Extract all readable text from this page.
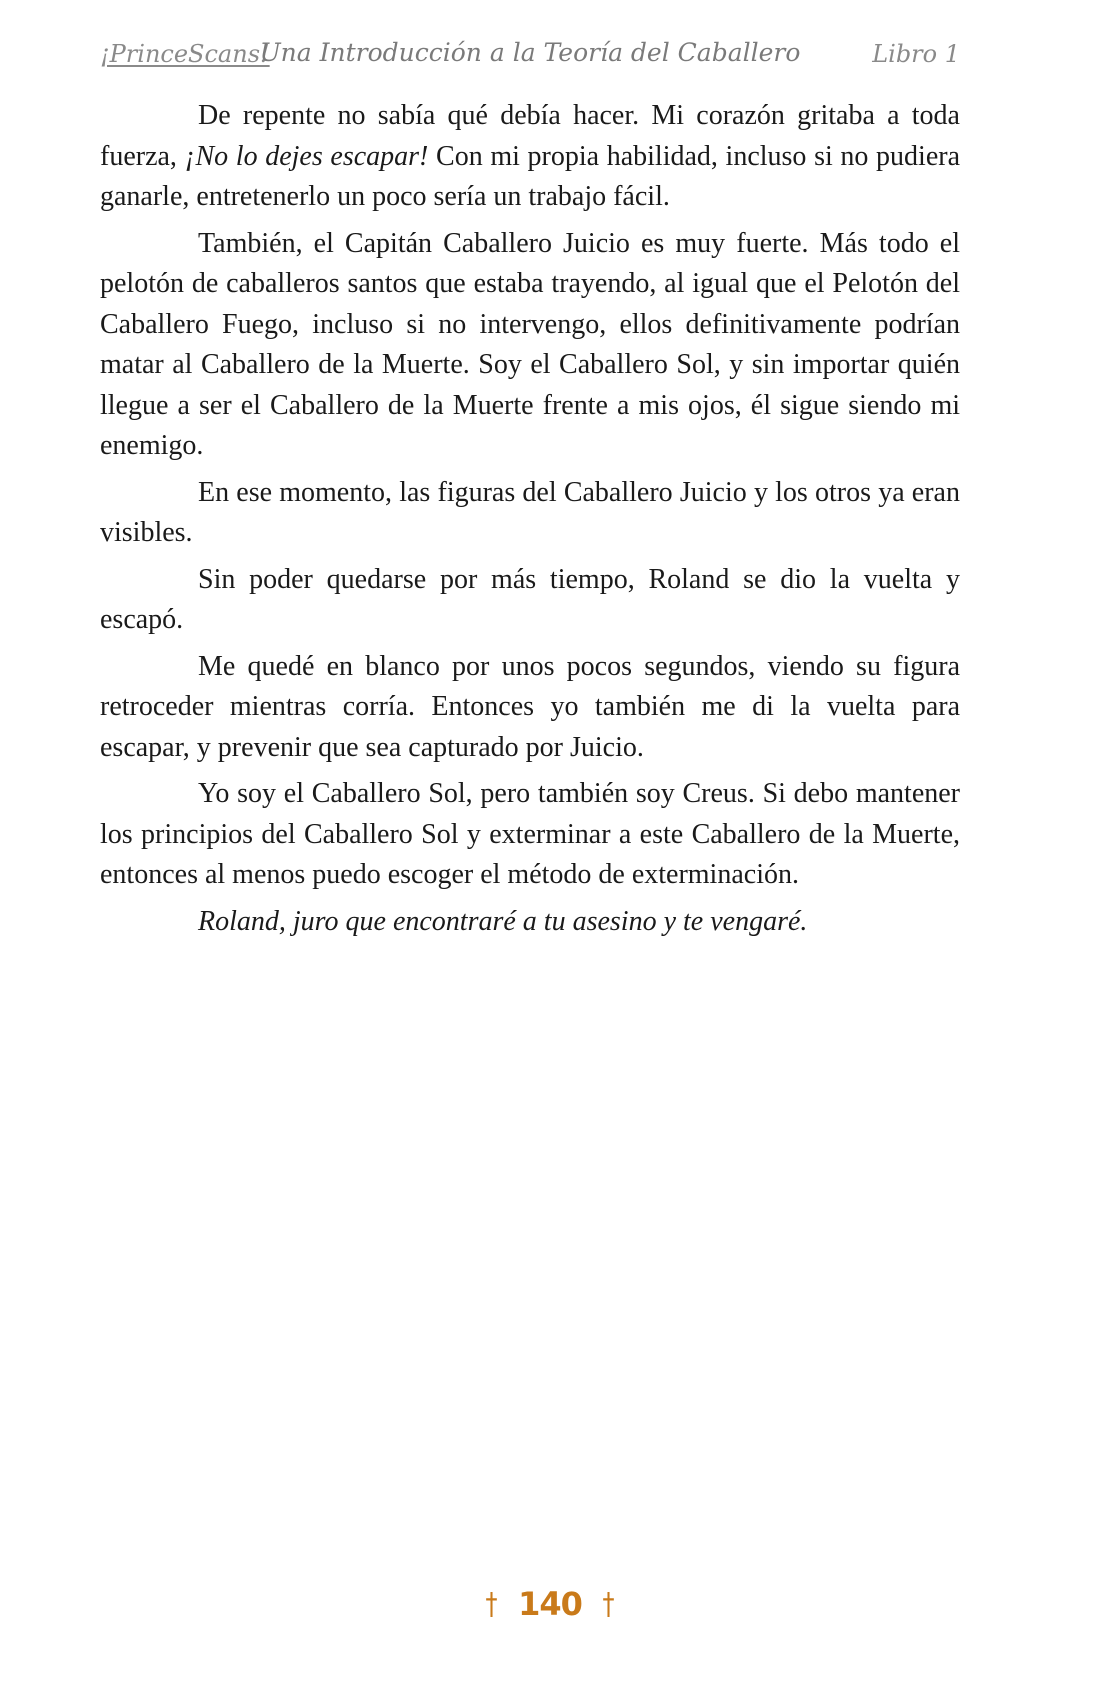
¡PrinceScans!
Una Introducción a la Teoría del Caballero	Libro 1

De repente no sabía qué debía hacer. Mi corazón gritaba a toda fuerza, ¡No lo dejes escapar! Con mi propia habilidad, incluso si no pudiera ganarle, entretenerlo un poco sería un trabajo fácil.

También, el Capitán Caballero Juicio es muy fuerte. Más todo el pelotón de caballeros santos que estaba trayendo, al igual que el Pelotón del Caballero Fuego, incluso si no intervengo, ellos definitivamente podrían matar al Caballero de la Muerte. Soy el Caballero Sol, y sin importar quién llegue a ser el Caballero de la Muerte frente a mis ojos, él sigue siendo mi enemigo.

En ese momento, las figuras del Caballero Juicio y los otros ya eran visibles.

Sin poder quedarse por más tiempo, Roland se dio la vuelta y escapó.

Me quedé en blanco por unos pocos segundos, viendo su figura retroceder mientras corría. Entonces yo también me di la vuelta para escapar, y prevenir que sea capturado por Juicio.

Yo soy el Caballero Sol, pero también soy Creus. Si debo mantener los principios del Caballero Sol y exterminar a este Caballero de la Muerte, entonces al menos puedo escoger el método de exterminación.

Roland, juro que encontraré a tu asesino y te vengaré.

† 140 †
